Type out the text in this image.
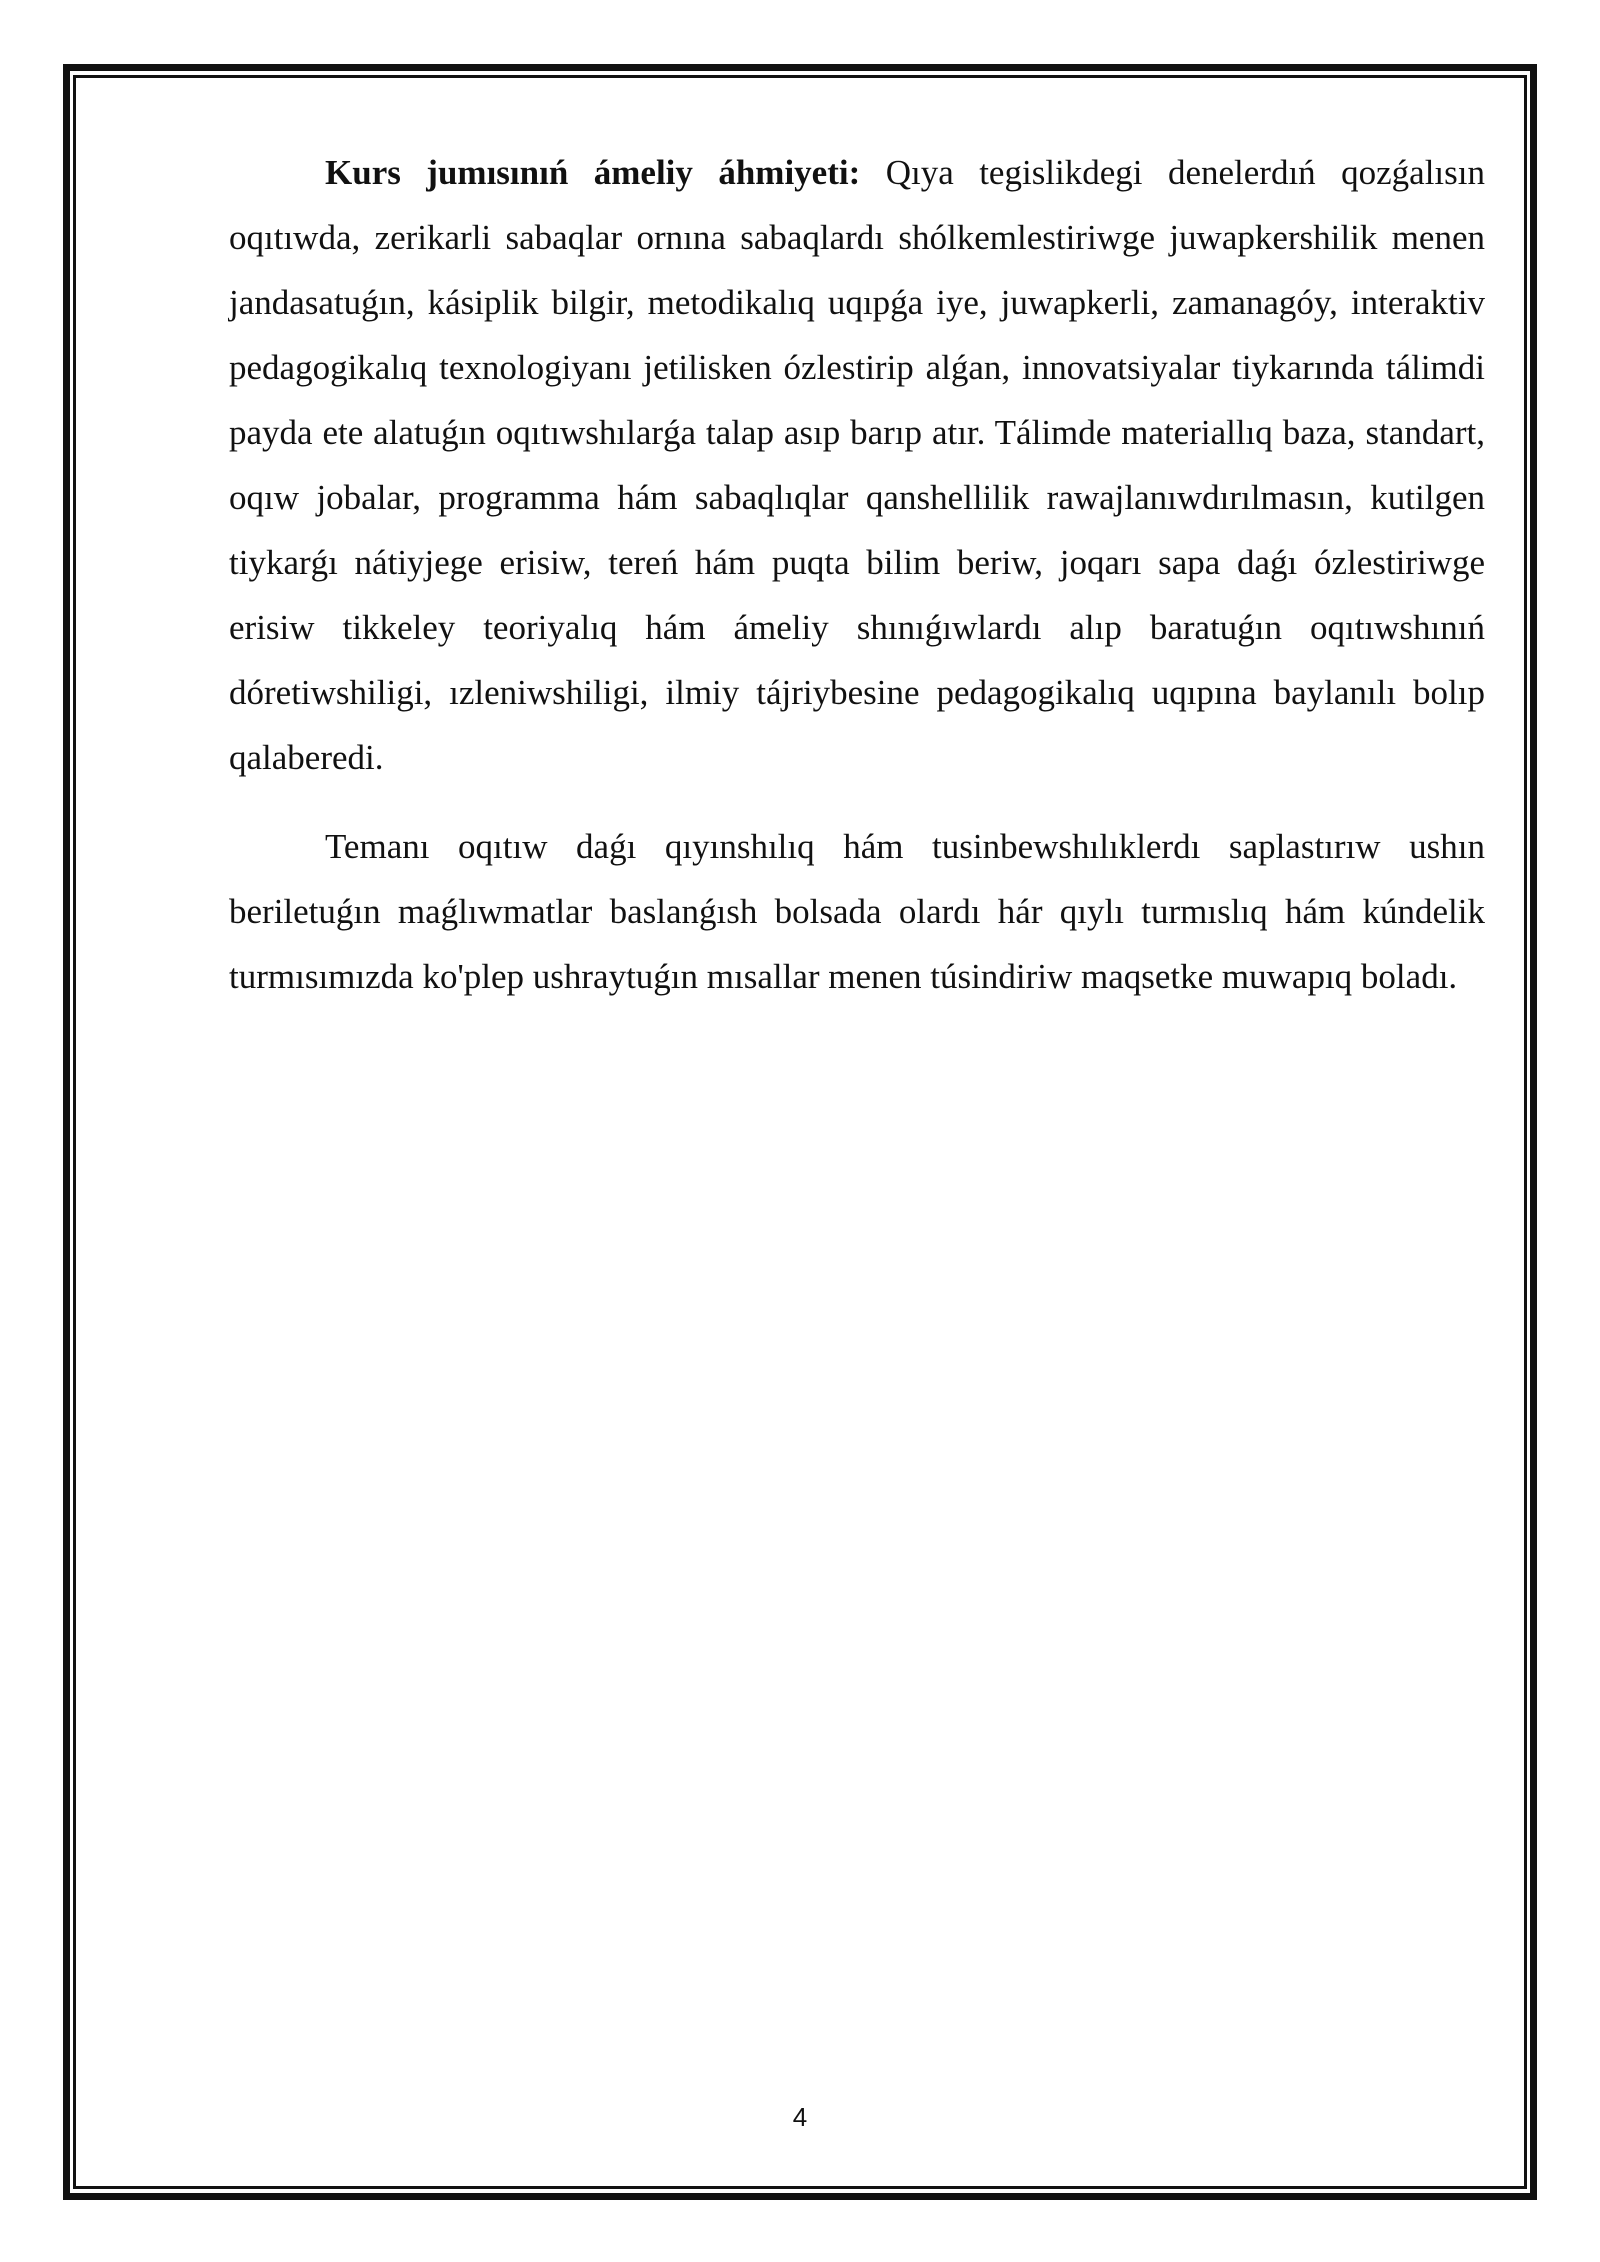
Kurs jumısınıń ámeliy áhmiyeti: Qıya tegislikdegi denelerdıń qozǵalısın oqıtıwda, zerikarli sabaqlar ornına sabaqlardı shólkemlestiriwge juwapkershilik menen jandasatuǵın, kásiplik bilgir, metodikalıq uqıpǵa iye, juwapkerli, zamanagóy, interaktiv pedagogikalıq texnologiyanı jetilisken ózlestirip alǵan, innovatsiyalar tiykarında tálimdi payda ete alatuǵın oqıtıwshılarǵa talap asıp barıp atır. Tálimde materiallıq baza, standart, oqıw jobalar, programma hám sabaqlıqlar qanshellilik rawajlanıwdırılmasın, kutilgen tiykarǵı nátiyjege erisiw, tereń hám puqta bilim beriw, joqarı sapa daǵı ózlestiriwge erisiw tikkeley teoriyalıq hám ámeliy shınıǵıwlardı alıp baratuǵın oqıtıwshınıń dóretiwshiligi, ızleniwshiligi, ilmiy tájriybesine pedagogikalıq uqıpına baylanılı bolıp qalaberedi.

Temanı oqıtıw daǵı qıyınshılıq hám tusinbewshılıklerdı saplastırıw ushın beriletuǵın maǵlıwmatlar baslanǵısh bolsada olardı hár qıylı turmıslıq hám kúndelik turmısımızda ko'plep ushraytuǵın mısallar menen túsindiriw maqsetke muwapıq boladı.

4
